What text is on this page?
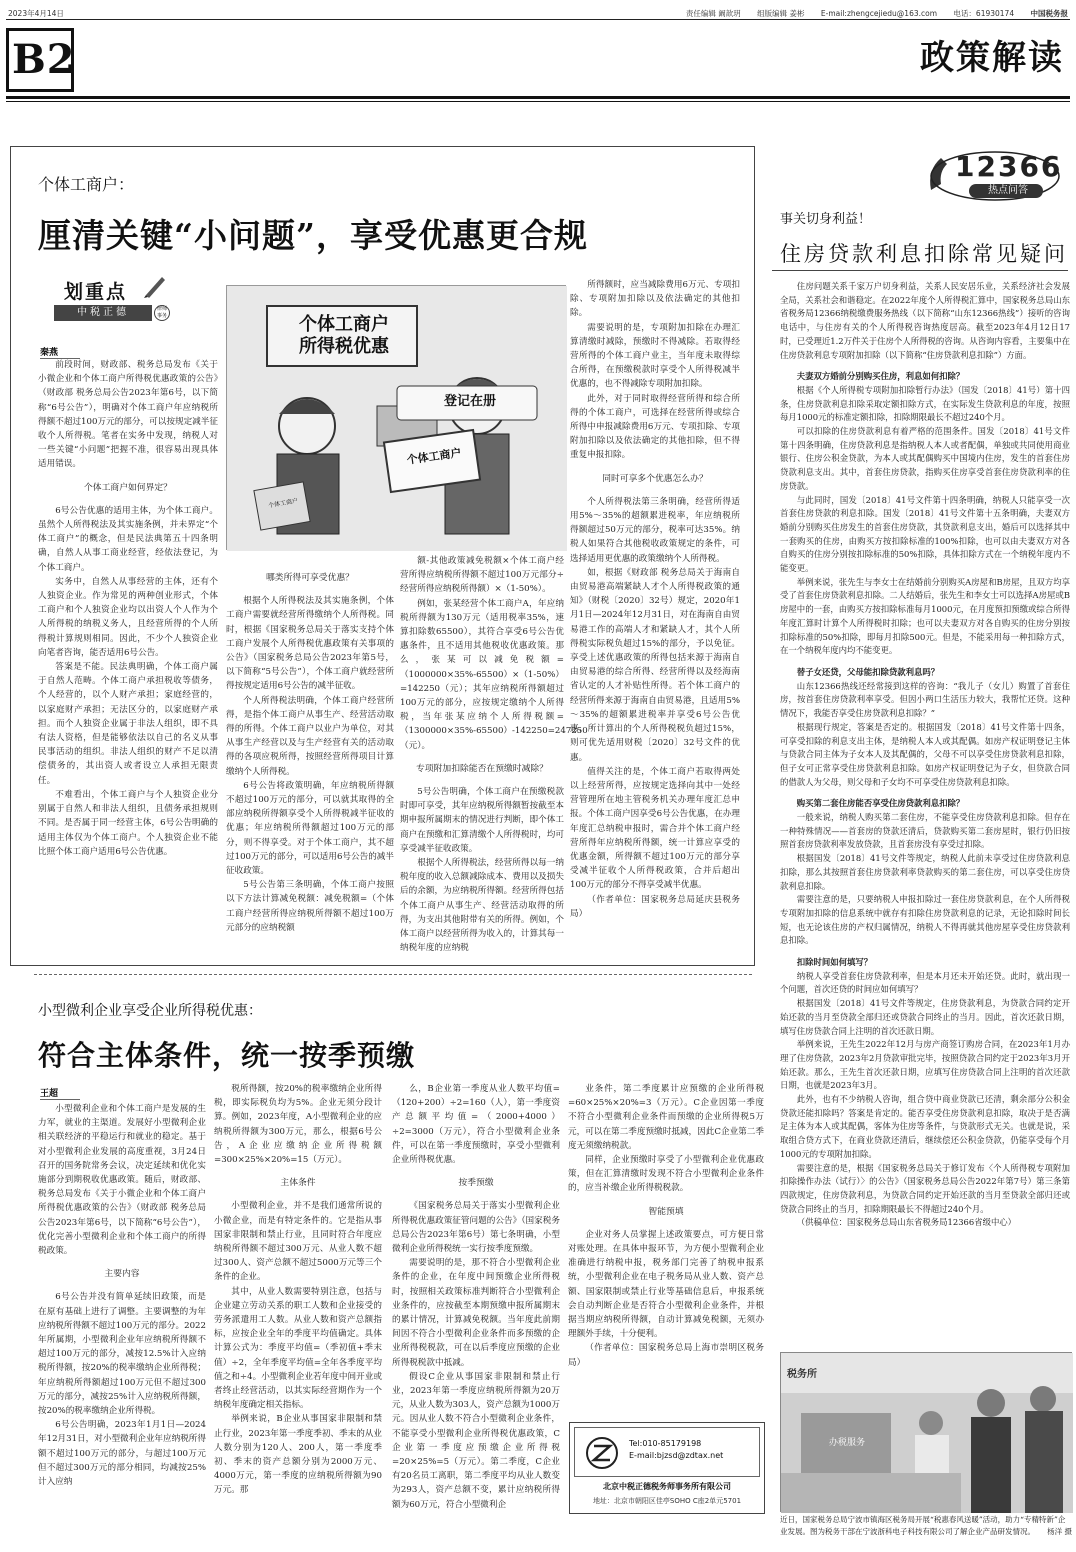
2023年4月14日	责任编辑 阚歆玥 组版编辑 姜彬 E-mail:zhengcejiedu@163.com 电话：61930174 中国税务报
B2	政策解读
个体工商户：
厘清关键“小问题”，享受优惠更合规
划重点
中税正德	律师事务
秦燕
个体工商户
所得税优惠
登记在册
个体工商户
个体工商户

前段时间，财政部、税务总局发布《关于小微企业和个体工商户所得税优惠政策的公告》（财政部 税务总局公告2023年第6号，以下简称“6号公告”），明确对个体工商户年应纳税所得额不超过100万元的部分，可以按规定减半征收个人所得税。笔者在实务中发现，纳税人对一些关键“小问题”把握不准，很容易出现具体适用错误。

个体工商户如何界定？

6号公告优惠的适用主体，为个体工商户。虽然个人所得税法及其实施条例，并未界定“个体工商户”的概念，但是民法典第五十四条明确，自然人从事工商业经营，经依法登记，为个体工商户。

实务中，自然人从事经营的主体，还有个人独资企业。作为常见的两种创业形式，个体工商户和个人独资企业均以出资人个人作为个人所得税的纳税义务人，且经营所得的个人所得税计算规则相同。因此，不少个人独资企业向笔者咨询，能否适用6号公告。

答案是不能。民法典明确，个体工商户属于自然人范畴。个体工商户承担税收等债务，个人经营的，以个人财产承担；家庭经营的，以家庭财产承担；无法区分的，以家庭财产承担。而个人独资企业属于非法人组织，即不具有法人资格，但是能够依法以自己的名义从事民事活动的组织。非法人组织的财产不足以清偿债务的，其出资人或者设立人承担无限责任。

不难看出，个体工商户与个人独资企业分别属于自然人和非法人组织，且债务承担规则不同。是否属于同一经营主体，6号公告明确的适用主体仅为个体工商户。个人独资企业不能比照个体工商户适用6号公告优惠。

哪类所得可享受优惠？

根据个人所得税法及其实施条例，个体工商户需要就经营所得缴纳个人所得税。同时，根据《国家税务总局关于落实支持个体工商户发展个人所得税优惠政策有关事项的公告》（国家税务总局公告2023年第5号，以下简称“5号公告”），个体工商户就经营所得按规定适用6号公告的减半征收。

个人所得税法明确，个体工商户经营所得，是指个体工商户从事生产、经营活动取得的所得。个体工商户以业户为单位，对其从事生产经营以及与生产经营有关的活动取得的各项应税所得，按照经营所得项目计算缴纳个人所得税。

6号公告将政策明确，年应纳税所得额不超过100万元的部分，可以就其取得的全部应纳税所得额享受个人所得税减半征收的优惠；年应纳税所得额超过100万元的部分，则不得享受。对于个体工商户，其不超过100万元的部分，可以适用6号公告的减半征收政策。

5号公告第三条明确，个体工商户按照以下方法计算减免税额：减免税额=（个体工商户经营所得应纳税所得额不超过100万元部分的应纳税额

额-其他政策减免税额×个体工商户经营所得应纳税所得额不超过100万元部分÷经营所得应纳税所得额）×（1-50%）。

例如，张某经营个体工商户A，年应纳税所得额为130万元（适用税率35%，速算扣除数65500），其符合享受6号公告优惠条件，且不适用其他税收优惠政策。那么，张某可以减免税额=（1000000×35%-65500）×（1-50%）=142250（元）；其年应纳税所得额超过100万元的部分，应按规定缴纳个人所得税，当年张某应纳个人所得税额=（1300000×35%-65500）-142250=247250（元）。

专项附加扣除能否在预缴时减除？

5号公告明确，个体工商户在预缴税款时即可享受，其年应纳税所得额暂按截至本期申报所属期末的情况进行判断，即个体工商户在预缴和汇算清缴个人所得税时，均可享受减半征收政策。

根据个人所得税法，经营所得以每一纳税年度的收入总额减除成本、费用以及损失后的余额，为应纳税所得额。经营所得包括个体工商户从事生产、经营活动取得的所得，为支出其他附带有关的所得。例如，个体工商户以经营所得为收入的，计算其每一纳税年度的应纳税

所得额时，应当减除费用6万元、专项扣除、专项附加扣除以及依法确定的其他扣除。

需要说明的是，专项附加扣除在办理汇算清缴时减除，预缴时不得减除。若取得经营所得的个体工商户业主，当年度未取得综合所得，在预缴税款时享受个人所得税减半优惠的，也不得减除专项附加扣除。

此外，对于同时取得经营所得和综合所得的个体工商户，可选择在经营所得或综合所得中申报减除费用6万元、专项扣除、专项附加扣除以及依法确定的其他扣除，但不得重复申报扣除。

同时可享多个优惠怎么办？

个人所得税法第三条明确，经营所得适用5%～35%的超额累进税率，年应纳税所得额超过50万元的部分，税率可达35%。纳税人如果符合其他税收政策规定的条件，可选择适用更优惠的政策缴纳个人所得税。

如，根据《财政部 税务总局关于海南自由贸易港高端紧缺人才个人所得税政策的通知》（财税〔2020〕32号）规定，2020年1月1日—2024年12月31日，对在海南自由贸易港工作的高端人才和紧缺人才，其个人所得税实际税负超过15%的部分，予以免征。享受上述优惠政策的所得包括来源于海南自由贸易港的综合所得、经营所得以及经海南省认定的人才补贴性所得。若个体工商户的经营所得来源于海南自由贸易港，且适用5%～35%的超额累进税率并享受6号公告优惠，所计算出的个人所得税税负超过15%，则可优先适用财税〔2020〕32号文件的优惠。

值得关注的是，个体工商户若取得两处以上经营所得，应按规定选择向其中一处经营管理所在地主管税务机关办理年度汇总申报。个体工商户因享受6号公告优惠，在办理年度汇总纳税申报时，需合并个体工商户经营所得年应纳税所得额，统一计算应享受的优惠金额，所得额不超过100万元的部分享受减半征收个人所得税政策，合并后超出100万元的部分不得享受减半优惠。

（作者单位：国家税务总局延庆县税务局）

小型微利企业享受企业所得税优惠：
符合主体条件，统一按季预缴
王超

小型微利企业和个体工商户是发展的生力军，就业的主渠道。发展好小型微利企业相关联经济的平稳运行和就业的稳定。基于对小型微利企业发展的高度重视，3月24日召开的国务院常务会议，决定延续和优化实施部分到期税收优惠政策。随后，财政部、税务总局发布《关于小微企业和个体工商户所得税优惠政策的公告》（财政部 税务总局公告2023年第6号，以下简称“6号公告”），优化完善小型微利企业和个体工商户的所得税政策。

主要内容

6号公告并没有简单延续旧政策，而是在原有基础上进行了调整。主要调整的为年应纳税所得额不超过100万元的部分。2022年所属期，小型微利企业年应纳税所得额不超过100万元的部分，减按12.5%计入应纳税所得额，按20%的税率缴纳企业所得税；年应纳税所得额超过100万元但不超过300万元的部分，减按25%计入应纳税所得额，按20%的税率缴纳企业所得税。

6号公告明确，2023年1月1日—2024年12月31日，对小型微利企业年应纳税所得额不超过100万元的部分，与超过100万元但不超过300万元的部分相同，均减按25%计入应纳

税所得额，按20%的税率缴纳企业所得税，即实际税负均为5%。企业无须分段计算。例如，2023年度，A小型微利企业的应纳税所得额为300万元，那么，根据6号公告，A企业应缴纳企业所得税额=300×25%×20%=15（万元）。

主体条件

小型微利企业，并不是我们通常所说的小微企业，而是有特定条件的。它是指从事国家非限制和禁止行业，且同时符合年度应纳税所得额不超过300万元、从业人数不超过300人、资产总额不超过5000万元等三个条件的企业。

其中，从业人数需要特别注意，包括与企业建立劳动关系的职工人数和企业接受的劳务派遣用工人数。从业人数和资产总额指标，应按企业全年的季度平均值确定。具体计算公式为：季度平均值=（季初值+季末值）÷2，全年季度平均值=全年各季度平均值之和÷4。小型微利企业若年度中间开业或者终止经营活动，以其实际经营期作为一个纳税年度确定相关指标。

举例来说，B企业从事国家非限制和禁止行业，2023年第一季度季初、季末的从业人数分别为120人、200人，第一季度季初、季末的资产总额分别为2000万元、4000万元，第一季度的应纳税所得额为90万元。那

么，B企业第一季度从业人数平均值=（120+200）÷2=160（人），第一季度资产总额平均值=（2000+4000）÷2=3000（万元），符合小型微利企业条件，可以在第一季度预缴时，享受小型微利企业所得税优惠。

按季预缴

《国家税务总局关于落实小型微利企业所得税优惠政策征管问题的公告》（国家税务总局公告2023年第6号）第七条明确，小型微利企业所得税统一实行按季度预缴。

需要说明的是，那不符合小型微利企业条件的企业，在年度中间预缴企业所得税时，按照相关政策标准判断符合小型微利企业条件的，应按截至本期预缴申报所属期末的累计情况，计算减免税额。当年度此前期间因不符合小型微利企业条件而多预缴的企业所得税税款，可在以后季度应预缴的企业所得税税款中抵减。

假设C企业从事国家非限制和禁止行业，2023年第一季度应纳税所得额为20万元，从业人数为303人，资产总额为1000万元。因从业人数不符合小型微利企业条件，不能享受小型微利企业所得税优惠政策，C企业第一季度应预缴企业所得税=20×25%=5（万元）。第二季度，C企业有20名员工离职，第二季度平均从业人数变为293人，资产总额不变，累计应纳税所得额为60万元，符合小型微利企

业条件，第二季度累计应预缴的企业所得税=60×25%×20%=3（万元）。C企业因第一季度不符合小型微利企业条件而预缴的企业所得税5万元，可以在第二季度预缴时抵减，因此C企业第二季度无须缴纳税款。

同样，企业预缴时享受了小型微利企业优惠政策，但在汇算清缴时发现不符合小型微利企业条件的，应当补缴企业所得税税款。

智能预填

企业对务人员掌握上述政策要点，可方便日常对账处理。在具体申报环节，为方便小型微利企业准确进行纳税申报，税务部门完善了纳税申报系统，小型微利企业在电子税务局从业人数、资产总额、国家限制或禁止行业等基础信息后，申报系统会自动判断企业是否符合小型微利企业条件，并根据当期应纳税所得额，自动计算减免税额，无须办理额外手续，十分便利。

（作者单位：国家税务总局上海市崇明区税务局）

Tel:010-85179198
E-mail:bjzsd@zdtax.net
北京中税正德税务师事务所有限公司
地址：北京市朝阳区佳亭SOHO C座2单元5701
12366
热点问答
事关切身利益！
住房贷款利息扣除常见疑问

住房问题关系千家万户切身利益，关系人民安居乐业，关系经济社会发展全局，关系社会和谐稳定。在2022年度个人所得税汇算中，国家税务总局山东省税务局12366纳税缴费服务热线（以下简称“山东12366热线”）接听的咨询电话中，与住房有关的个人所得税咨询热度居高。截至2023年4月12日17时，已受理近1.2万件关于住房个人所得税的咨询。从咨询内容看，主要集中在住房贷款利息专项附加扣除（以下简称“住房贷款利息扣除”）方面。

夫妻双方婚前分别购买住房，利息如何扣除？

根据《个人所得税专项附加扣除暂行办法》（国发〔2018〕41号）第十四条，住房贷款利息扣除采取定额扣除方式，在实际发生贷款利息的年度，按照每月1000元的标准定额扣除，扣除期限最长不超过240个月。

可以扣除的住房贷款利息有着严格的范围条件。国发〔2018〕41号文件第十四条明确，住房贷款利息是指纳税人本人或者配偶，单独或共同使用商业银行、住房公积金贷款，为本人或其配偶购买中国境内住房，发生的首套住房贷款利息支出。其中，首套住房贷款，指购买住房享受首套住房贷款利率的住房贷款。

与此同时，国发〔2018〕41号文件第十四条明确，纳税人只能享受一次首套住房贷款的利息扣除。国发〔2018〕41号文件第十五条明确，夫妻双方婚前分别购买住房发生的首套住房贷款，其贷款利息支出，婚后可以选择其中一套购买的住房，由购买方按扣除标准的100%扣除，也可以由夫妻双方对各自购买的住房分别按扣除标准的50%扣除，具体扣除方式在一个纳税年度内不能变更。

举例来说，张先生与李女士在结婚前分别购买A房屋和B房屋，且双方均享受了首套住房贷款利息扣除。二人结婚后，张先生和李女士可以选择A房屋或B房屋中的一套，由购买方按扣除标准每月1000元，在月度预扣预缴或综合所得年度汇算时计算个人所得税时扣除；也可以夫妻双方对各自购买的住房分别按扣除标准的50%扣除，即每月扣除500元。但是，不能采用每一种扣除方式，在一个纳税年度内均不能变更。

替子女还贷，父母能扣除贷款利息吗？

山东12366热线还经常接到这样的咨询：“我儿子（女儿）购置了首套住房，按首套住房贷款利率享受。但因小两口生活压力较大，我帮忙还贷。这种情况下，我能否享受住房贷款利息扣除？”

根据现行规定，答案是否定的。根据国发〔2018〕41号文件第十四条，可享受扣除的利息支出主体，是纳税人本人或其配偶。如房产权证明登记主体与贷款合同主体为子女本人及其配偶的，父母不可以享受住房贷款利息扣除，但子女可正常享受住房贷款利息扣除。如房产权证明登记为子女，但贷款合同的借款人为父母，则父母和子女均不可享受住房贷款利息扣除。

购买第二套住房能否享受住房贷款利息扣除？

一般来说，纳税人购买第二套住房，不能享受住房贷款利息扣除。但存在一种特殊情况——首套房的贷款还清后，贷款购买第二套房屋时，银行仍旧按照首套房贷款利率发放贷款，且首套房没有享受过扣除。

根据国发〔2018〕41号文件等规定，纳税人此前未享受过住房贷款利息扣除，那么其按照首套住房贷款利率贷款购买的第二套住房，可以享受住房贷款利息扣除。

需要注意的是，只要纳税人申报扣除过一套住房贷款利息，在个人所得税专项附加扣除的信息系统中就存有扣除住房贷款利息的记录，无论扣除时间长短，也无论该住房的产权归属情况，纳税人不得再就其他房屋享受住房贷款利息扣除。

扣除时间如何填写？

纳税人享受首套住房贷款利率，但是本月还未开始还贷。此时，就出现一个问题，首次还贷的时间应如何填写？

根据国发〔2018〕41号文件等规定，住房贷款利息，为贷款合同约定开始还款的当月至贷款全部归还或贷款合同终止的当月。因此，首次还款日期，填写住房贷款合同上注明的首次还款日期。

举例来说，王先生2022年12月与房产商签订购房合同，在2023年1月办理了住房贷款，2023年2月贷款审批完毕，按照贷款合同约定于2023年3月开始还款。那么，王先生首次还款日期，应填写住房贷款合同上注明的首次还款日期，也就是2023年3月。

此外，也有不少纳税人咨询，组合贷中商业贷款已还清，剩余部分公积金贷款还能扣除吗？答案是肯定的。能否享受住房贷款利息扣除，取决于是否满足主体为本人或其配偶，客体为住房等条件，与贷款形式无关。也就是说，采取组合贷方式下，在商业贷款还清后，继续偿还公积金贷款，仍能享受每个月1000元的专项附加扣除。

需要注意的是，根据《国家税务总局关于修订发布〈个人所得税专项附加扣除操作办法（试行）〉的公告》（国家税务总局公告2022年第7号）第三条第四款规定，住房贷款利息，为贷款合同约定开始还款的当月至贷款全部归还或贷款合同终止的当月，扣除期限最长不得超过240个月。

（供稿单位：国家税务总局山东省税务局12366省级中心）

税务所
办税服务
近日，国家税务总局宁波市镇海区税务局开展“税惠春风送暖”活动，助力“专精特新”企业发展。图为税务干部在宁波浙科电子科技有限公司了解企业产品研发情况。 杨洋 摄
